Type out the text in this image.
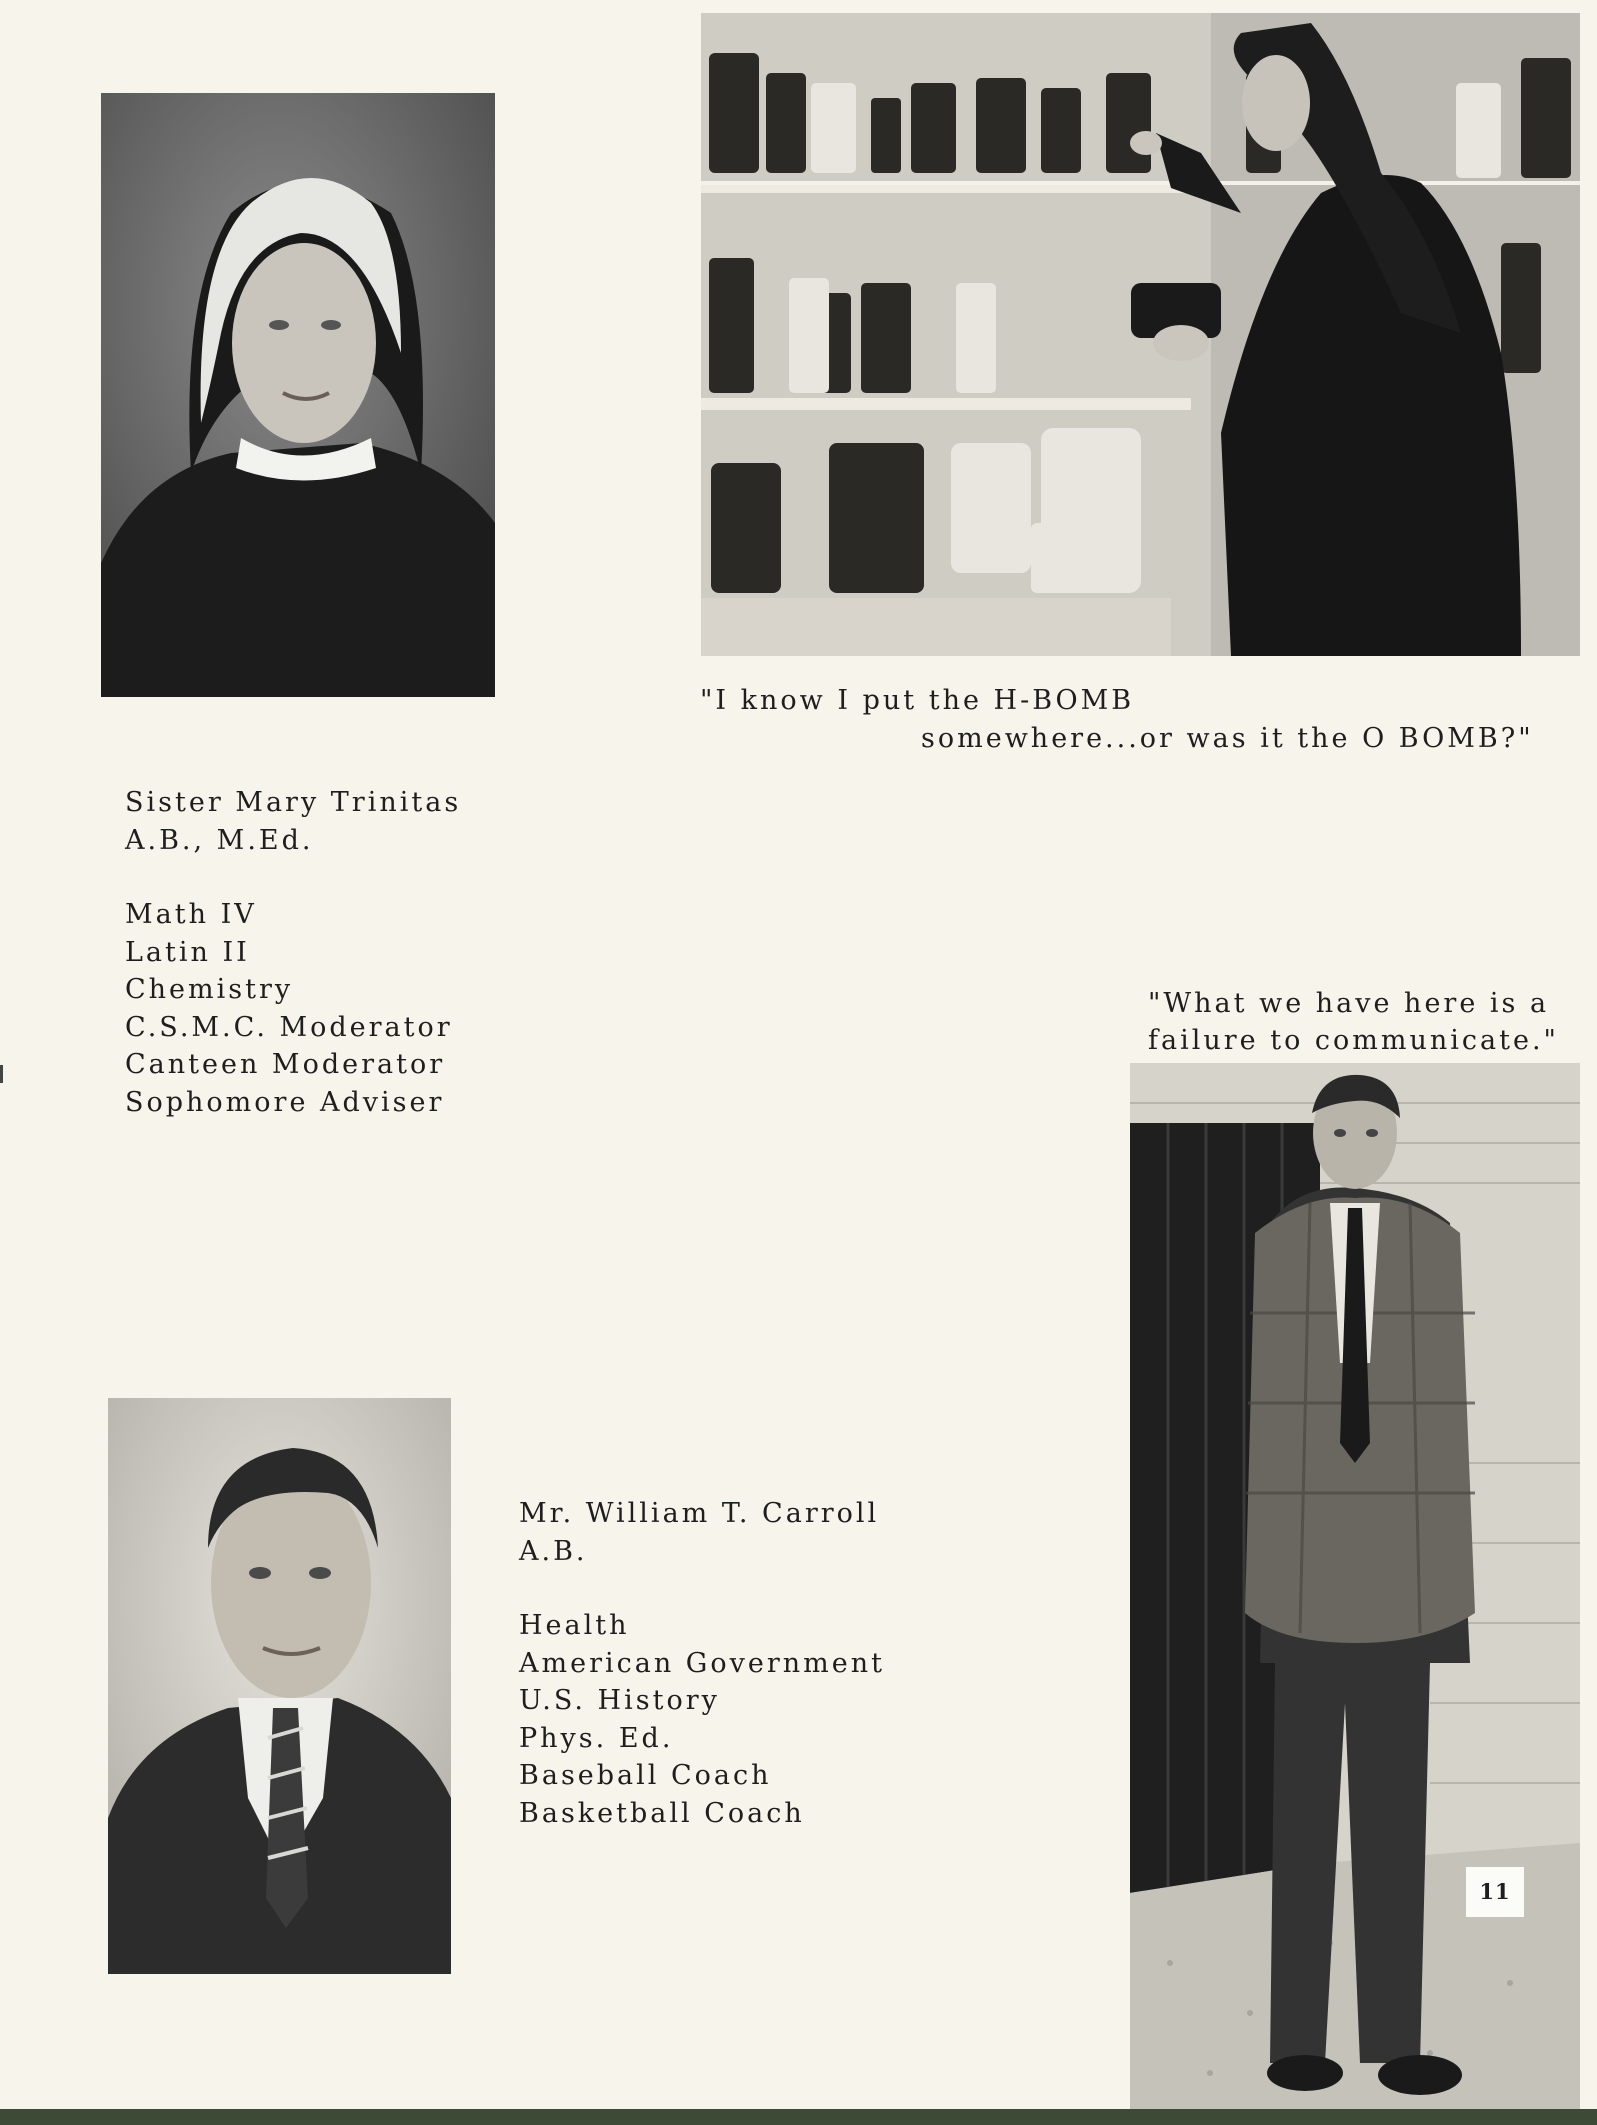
"I know I put the H-BOMB

somewhere...or was it the O BOMB?"

Sister Mary Trinitas
A.B., M.Ed.
Math IV
Latin II
Chemistry
C.S.M.C. Moderator
Canteen Moderator
Sophomore Adviser

"What we have here is a

failure to communicate."

11
Mr. William T. Carroll
A.B.
Health
American Government
U.S. History
Phys. Ed.
Baseball Coach
Basketball Coach
